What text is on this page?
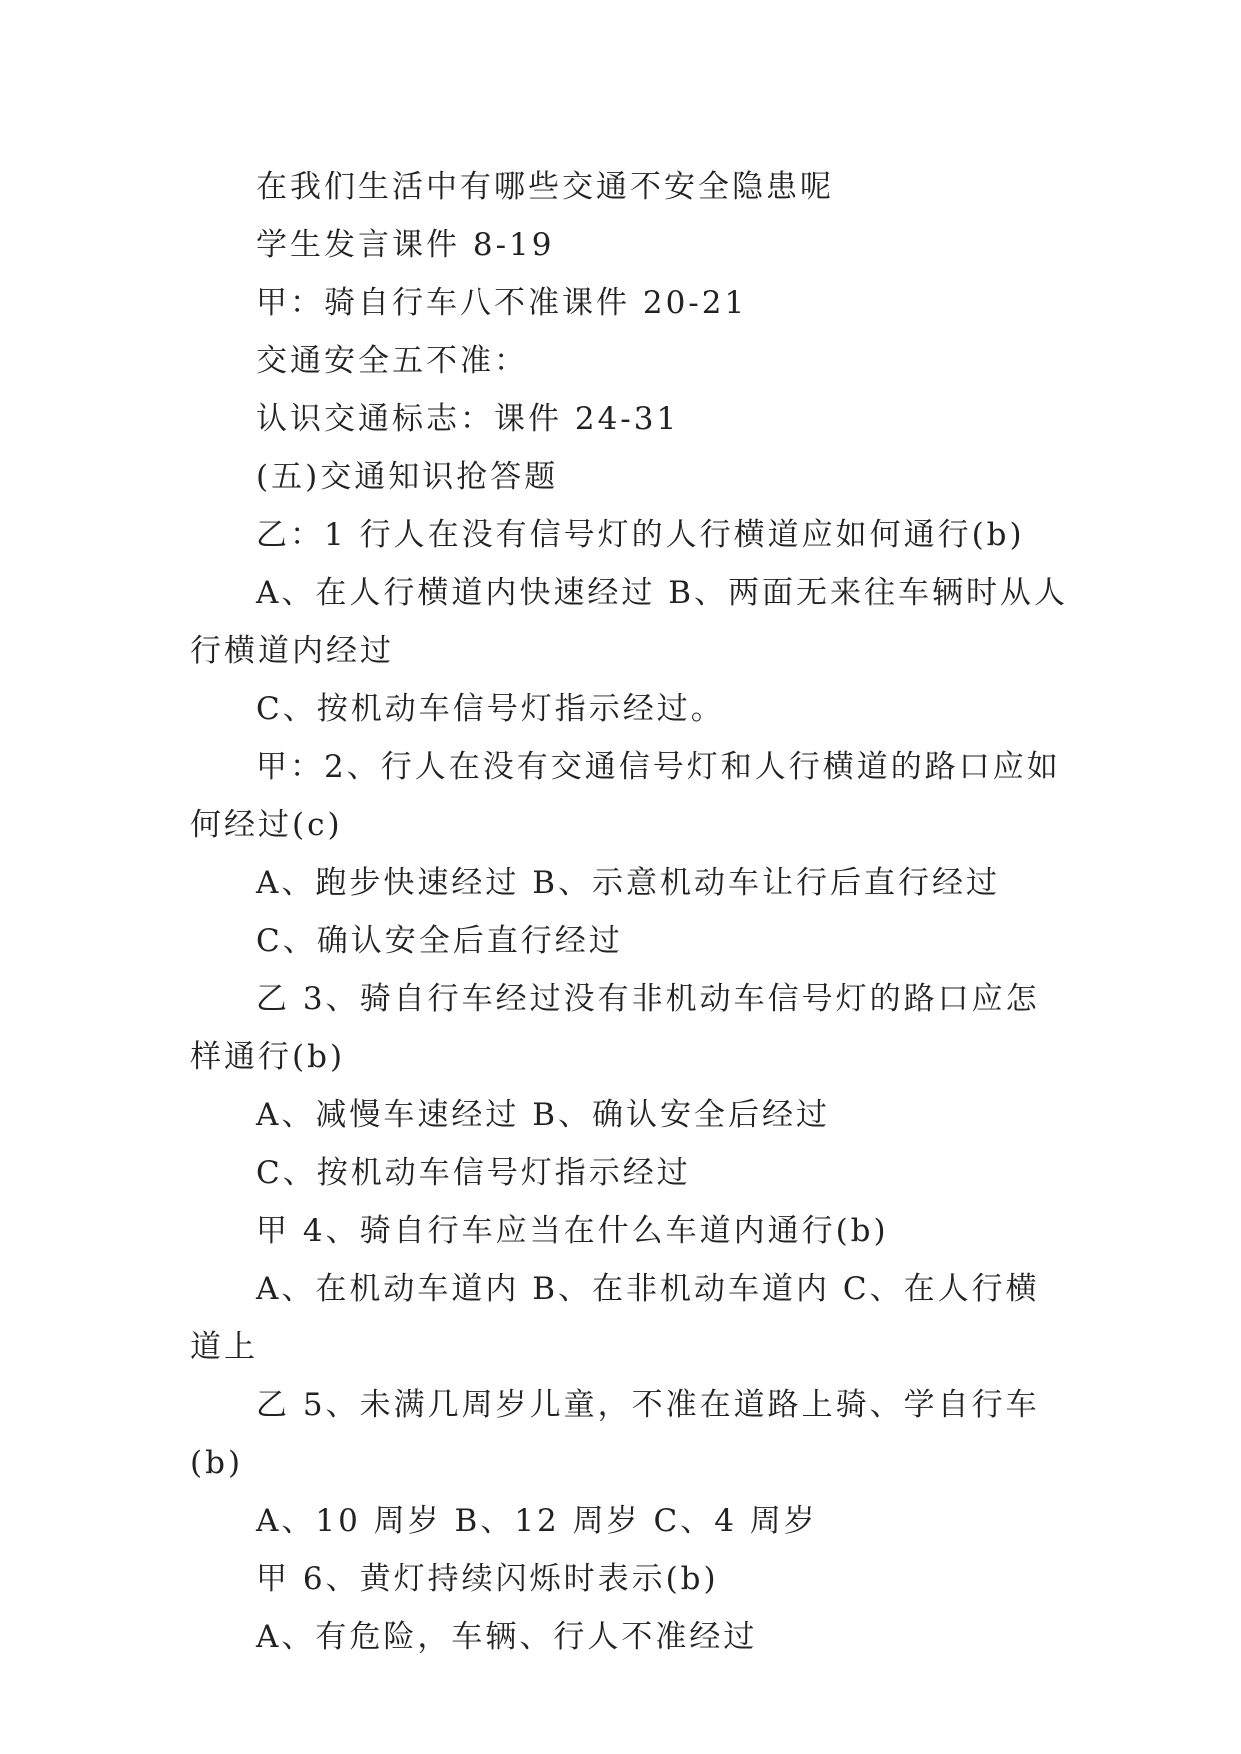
在我们生活中有哪些交通不安全隐患呢

学生发言课件 8-19

甲：骑自行车八不准课件 20-21

交通安全五不准：

认识交通标志：课件 24-31

(五)交通知识抢答题

乙：1 行人在没有信号灯的人行横道应如何通行(b)

A、在人行横道内快速经过 B、两面无来往车辆时从人行横道内经过

C、按机动车信号灯指示经过。

甲：2、行人在没有交通信号灯和人行横道的路口应如何经过(c)

A、跑步快速经过 B、示意机动车让行后直行经过

C、确认安全后直行经过

乙 3、骑自行车经过没有非机动车信号灯的路口应怎样通行(b)

A、减慢车速经过 B、确认安全后经过

C、按机动车信号灯指示经过

甲 4、骑自行车应当在什么车道内通行(b)

A、在机动车道内 B、在非机动车道内 C、在人行横道上

乙 5、未满几周岁儿童，不准在道路上骑、学自行车(b)

A、10 周岁 B、12 周岁 C、4 周岁

甲 6、黄灯持续闪烁时表示(b)

A、有危险，车辆、行人不准经过
